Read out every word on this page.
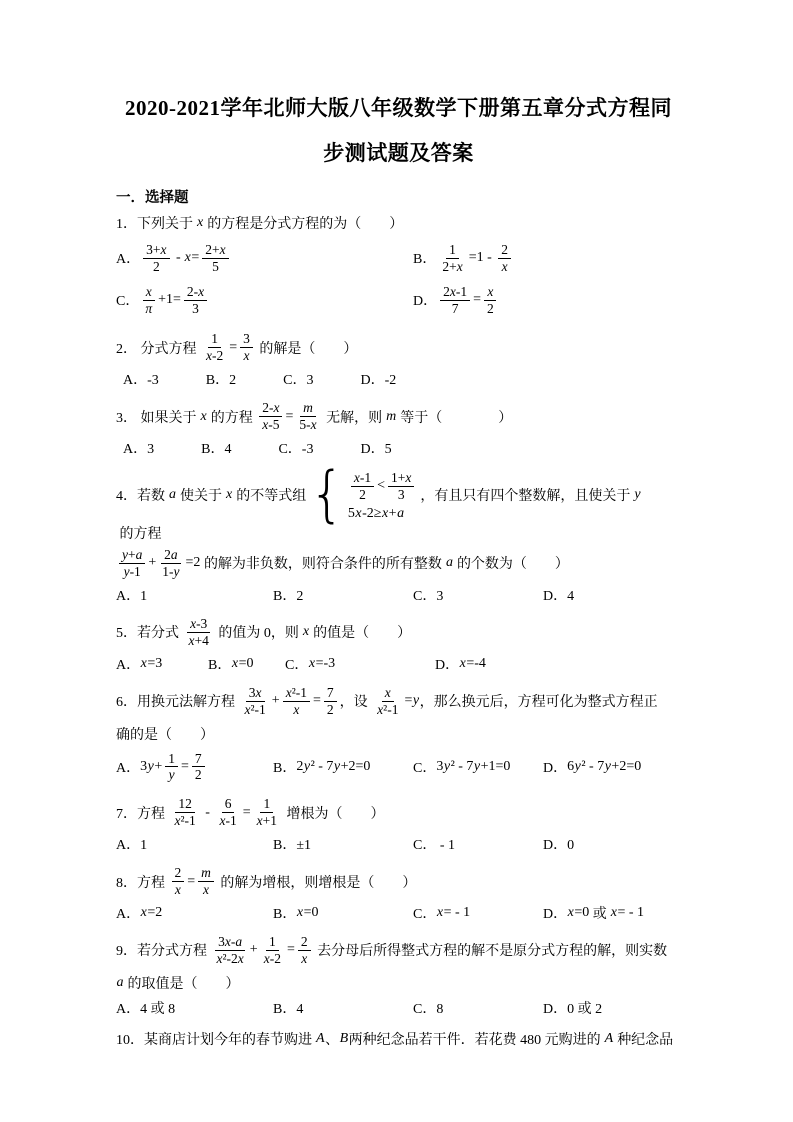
2020-2021学年北师大版八年级数学下册第五章分式方程同
步测试题及答案
一．选择题
1．下列关于 x 的方程是分式方程的为（　　）
A． $\frac{3+x}{2} - x= \frac{2+x}{5}$	B． $\frac{1}{2+x} =1 - \frac{2}{x}$
C． $\frac{x}{\pi} +1= \frac{2-x}{3}$	D． $\frac{2x-1}{7} = \frac{x}{2}$
2． 分式方程 $\frac{1}{x-2} = \frac{3}{x}$ 的解是（　　）
A．-3	B．2	C．3	D．-2
3． 如果关于 x 的方程 $\frac{2-x}{x-5} = \frac{m}{5-x}$ 无解，则 m 等于（　　　　）
A．3	B．4	C．-3	D．5
4．若数 a 使关于 x 的不等式组 { $\frac{x-1}{2} < \frac{1+x}{3}$
5x-2≥x+a
，有且只有四个整数解，且使关于 y
的方程
$\frac{y+a}{y-1} + \frac{2a}{1-y} =2$ 的解为非负数，则符合条件的所有整数 a 的个数为（　　）
A．1	B．2	C．3	D．4
5．若分式 $\frac{x-3}{x+4}$ 的值为 0，则 x 的值是（　　）
A． x=3	B． x=0 C． x=-3	D． x=-4
6．用换元法解方程 $\frac{3x}{\text{x²-1}} + \frac{\text{x²-1}}{x} = \frac{7}{2}$ ，设 $\frac{x}{\text{x²-1}} =y$ ，那么换元后，方程可化为整式方程正
确的是（　　）
A． $3y+ \frac{1}{y} = \frac{7}{2}$	B． 2y² - 7y+2=0	C． 3y² - 7y+1=0 D． 6y² - 7y+2=0
7．方程 $\frac{12}{\text{x²-1}} - \frac{6}{x-1} = \frac{1}{x+1}$ 增根为（　　）
A．1	B．±1	C． - 1	D．0
8．方程 $\frac{2}{x} = \frac{m}{x}$ 的解为增根，则增根是（　　）
A． x=2	B． x=0	C． x= - 1	D． x=0 或 x= - 1
9．若分式方程 $\frac{3x-a}{\text{x²-2x}} + \frac{1}{x-2} = \frac{2}{x}$ 去分母后所得整式方程的解不是原分式方程的解，则实数
a 的取值是（　　）
A．4 或 8	B．4	C．8	D．0 或 2
10．某商店计划今年的春节购进 A 、 B 两种纪念品若干件．若花费 480 元购进的 A 种纪念品
